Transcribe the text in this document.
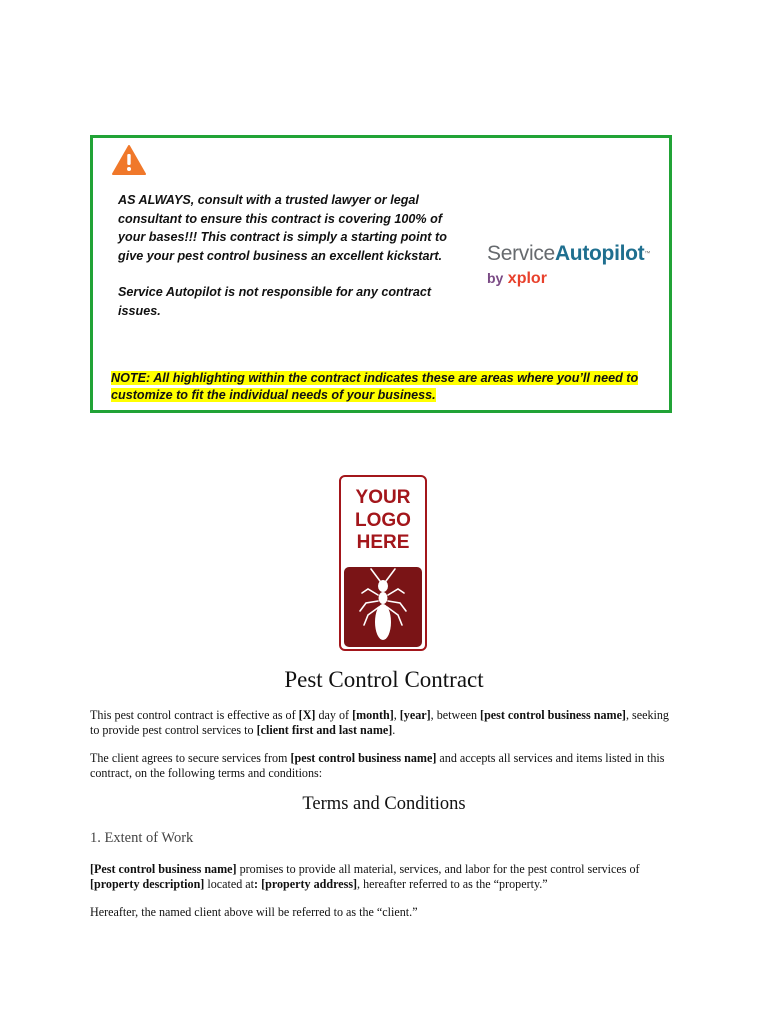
AS ALWAYS, consult with a trusted lawyer or legal consultant to ensure this contract is covering 100% of your bases!!! This contract is simply a starting point to give your pest control business an excellent kickstart.

Service Autopilot is not responsible for any contract issues.

ServiceAutopilot™
by xplor
NOTE: All highlighting within the contract indicates these are areas where you’ll need to customize to fit the individual needs of your business.
YOUR
LOGO
HERE
Pest Control Contract

This pest control contract is effective as of [X] day of [month], [year], between [pest control business name], seeking to provide pest control services to [client first and last name].

The client agrees to secure services from [pest control business name] and accepts all services and items listed in this contract, on the following terms and conditions:

Terms and Conditions
1. Extent of Work

[Pest control business name] promises to provide all material, services, and labor for the pest control services of [property description] located at: [property address], hereafter referred to as the “property.”

Hereafter, the named client above will be referred to as the “client.”
